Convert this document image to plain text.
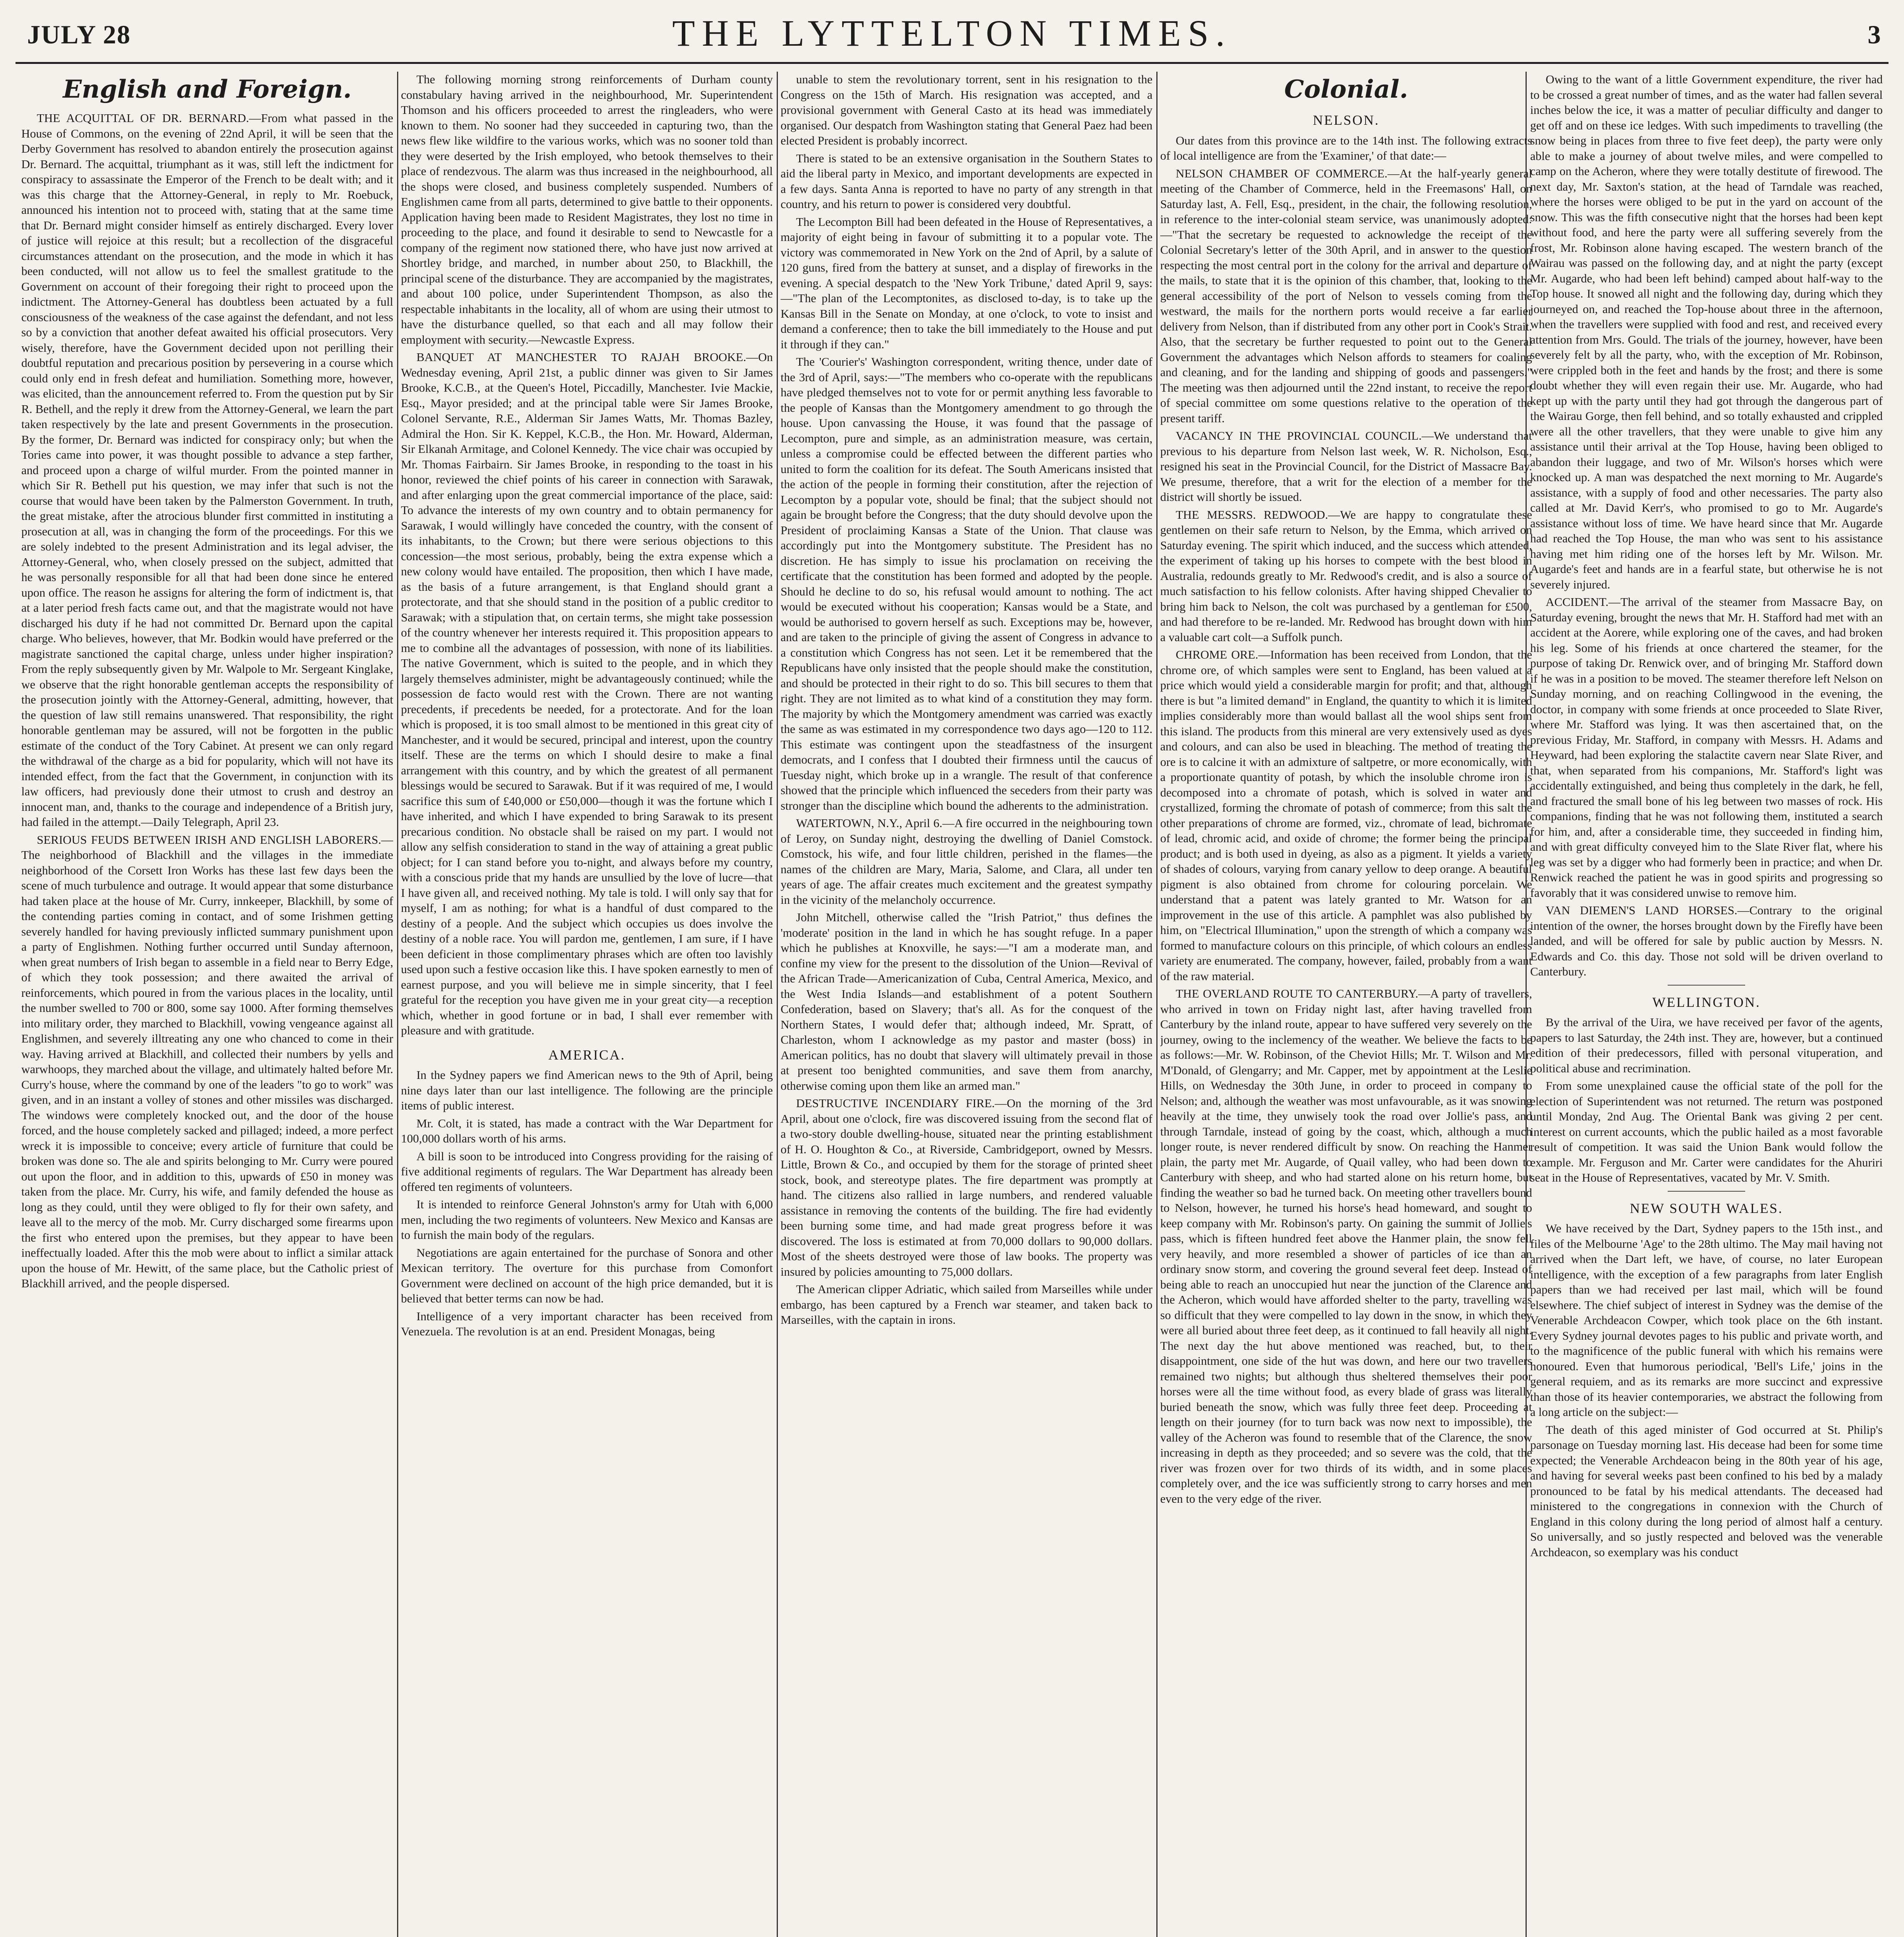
JULY 28	THE LYTTELTON TIMES.	3
English and Foreign.

THE ACQUITTAL OF DR. BERNARD.—From what passed in the House of Commons, on the evening of 22nd April, it will be seen that the Derby Government has resolved to abandon entirely the prosecution against Dr. Bernard. The acquittal, triumphant as it was, still left the indictment for conspiracy to assassinate the Emperor of the French to be dealt with; and it was this charge that the Attorney-General, in reply to Mr. Roebuck, announced his intention not to proceed with, stating that at the same time that Dr. Bernard might consider himself as entirely discharged. Every lover of justice will rejoice at this result; but a recollection of the disgraceful circumstances attendant on the prosecution, and the mode in which it has been conducted, will not allow us to feel the smallest gratitude to the Government on account of their foregoing their right to proceed upon the indictment. The Attorney-General has doubtless been actuated by a full consciousness of the weakness of the case against the defendant, and not less so by a conviction that another defeat awaited his official prosecutors. Very wisely, therefore, have the Government decided upon not perilling their doubtful reputation and precarious position by persevering in a course which could only end in fresh defeat and humiliation. Something more, however, was elicited, than the announcement referred to. From the question put by Sir R. Bethell, and the reply it drew from the Attorney-General, we learn the part taken respectively by the late and present Governments in the prosecution. By the former, Dr. Bernard was indicted for conspiracy only; but when the Tories came into power, it was thought possible to advance a step farther, and proceed upon a charge of wilful murder. From the pointed manner in which Sir R. Bethell put his question, we may infer that such is not the course that would have been taken by the Palmerston Government. In truth, the great mistake, after the atrocious blunder first committed in instituting a prosecution at all, was in changing the form of the proceedings. For this we are solely indebted to the present Administration and its legal adviser, the Attorney-General, who, when closely pressed on the subject, admitted that he was personally responsible for all that had been done since he entered upon office. The reason he assigns for altering the form of indictment is, that at a later period fresh facts came out, and that the magistrate would not have discharged his duty if he had not committed Dr. Bernard upon the capital charge. Who believes, however, that Mr. Bodkin would have preferred or the magistrate sanctioned the capital charge, unless under higher inspiration? From the reply subsequently given by Mr. Walpole to Mr. Sergeant Kinglake, we observe that the right honorable gentleman accepts the responsibility of the prosecution jointly with the Attorney-General, admitting, however, that the question of law still remains unanswered. That responsibility, the right honorable gentleman may be assured, will not be forgotten in the public estimate of the conduct of the Tory Cabinet. At present we can only regard the withdrawal of the charge as a bid for popularity, which will not have its intended effect, from the fact that the Government, in conjunction with its law officers, had previously done their utmost to crush and destroy an innocent man, and, thanks to the courage and independence of a British jury, had failed in the attempt.—Daily Telegraph, April 23.

SERIOUS FEUDS BETWEEN IRISH AND ENGLISH LABORERS.—The neighborhood of Blackhill and the villages in the immediate neighborhood of the Corsett Iron Works has these last few days been the scene of much turbulence and outrage. It would appear that some disturbance had taken place at the house of Mr. Curry, innkeeper, Blackhill, by some of the contending parties coming in contact, and of some Irishmen getting severely handled for having previously inflicted summary punishment upon a party of Englishmen. Nothing further occurred until Sunday afternoon, when great numbers of Irish began to assemble in a field near to Berry Edge, of which they took possession; and there awaited the arrival of reinforcements, which poured in from the various places in the locality, until the number swelled to 700 or 800, some say 1000. After forming themselves into military order, they marched to Blackhill, vowing vengeance against all Englishmen, and severely illtreating any one who chanced to come in their way. Having arrived at Blackhill, and collected their numbers by yells and warwhoops, they marched about the village, and ultimately halted before Mr. Curry's house, where the command by one of the leaders "to go to work" was given, and in an instant a volley of stones and other missiles was discharged. The windows were completely knocked out, and the door of the house forced, and the house completely sacked and pillaged; indeed, a more perfect wreck it is impossible to conceive; every article of furniture that could be broken was done so. The ale and spirits belonging to Mr. Curry were poured out upon the floor, and in addition to this, upwards of £50 in money was taken from the place. Mr. Curry, his wife, and family defended the house as long as they could, until they were obliged to fly for their own safety, and leave all to the mercy of the mob. Mr. Curry discharged some firearms upon the first who entered upon the premises, but they appear to have been ineffectually loaded. After this the mob were about to inflict a similar attack upon the house of Mr. Hewitt, of the same place, but the Catholic priest of Blackhill arrived, and the people dispersed.

The following morning strong reinforcements of Durham county constabulary having arrived in the neighbourhood, Mr. Superintendent Thomson and his officers proceeded to arrest the ringleaders, who were known to them. No sooner had they succeeded in capturing two, than the news flew like wildfire to the various works, which was no sooner told than they were deserted by the Irish employed, who betook themselves to their place of rendezvous. The alarm was thus increased in the neighbourhood, all the shops were closed, and business completely suspended. Numbers of Englishmen came from all parts, determined to give battle to their opponents. Application having been made to Resident Magistrates, they lost no time in proceeding to the place, and found it desirable to send to Newcastle for a company of the regiment now stationed there, who have just now arrived at Shortley bridge, and marched, in number about 250, to Blackhill, the principal scene of the disturbance. They are accompanied by the magistrates, and about 100 police, under Superintendent Thompson, as also the respectable inhabitants in the locality, all of whom are using their utmost to have the disturbance quelled, so that each and all may follow their employment with security.—Newcastle Express.

BANQUET AT MANCHESTER TO RAJAH BROOKE.—On Wednesday evening, April 21st, a public dinner was given to Sir James Brooke, K.C.B., at the Queen's Hotel, Piccadilly, Manchester. Ivie Mackie, Esq., Mayor presided; and at the principal table were Sir James Brooke, Colonel Servante, R.E., Alderman Sir James Watts, Mr. Thomas Bazley, Admiral the Hon. Sir K. Keppel, K.C.B., the Hon. Mr. Howard, Alderman, Sir Elkanah Armitage, and Colonel Kennedy. The vice chair was occupied by Mr. Thomas Fairbairn. Sir James Brooke, in responding to the toast in his honor, reviewed the chief points of his career in connection with Sarawak, and after enlarging upon the great commercial importance of the place, said: To advance the interests of my own country and to obtain permanency for Sarawak, I would willingly have conceded the country, with the consent of its inhabitants, to the Crown; but there were serious objections to this concession—the most serious, probably, being the extra expense which a new colony would have entailed. The proposition, then which I have made, as the basis of a future arrangement, is that England should grant a protectorate, and that she should stand in the position of a public creditor to Sarawak; with a stipulation that, on certain terms, she might take possession of the country whenever her interests required it. This proposition appears to me to combine all the advantages of possession, with none of its liabilities. The native Government, which is suited to the people, and in which they largely themselves administer, might be advantageously continued; while the possession de facto would rest with the Crown. There are not wanting precedents, if precedents be needed, for a protectorate. And for the loan which is proposed, it is too small almost to be mentioned in this great city of Manchester, and it would be secured, principal and interest, upon the country itself. These are the terms on which I should desire to make a final arrangement with this country, and by which the greatest of all permanent blessings would be secured to Sarawak. But if it was required of me, I would sacrifice this sum of £40,000 or £50,000—though it was the fortune which I have inherited, and which I have expended to bring Sarawak to its present precarious condition. No obstacle shall be raised on my part. I would not allow any selfish consideration to stand in the way of attaining a great public object; for I can stand before you to-night, and always before my country, with a conscious pride that my hands are unsullied by the love of lucre—that I have given all, and received nothing. My tale is told. I will only say that for myself, I am as nothing; for what is a handful of dust compared to the destiny of a people. And the subject which occupies us does involve the destiny of a noble race. You will pardon me, gentlemen, I am sure, if I have been deficient in those complimentary phrases which are often too lavishly used upon such a festive occasion like this. I have spoken earnestly to men of earnest purpose, and you will believe me in simple sincerity, that I feel grateful for the reception you have given me in your great city—a reception which, whether in good fortune or in bad, I shall ever remember with pleasure and with gratitude.

AMERICA.

In the Sydney papers we find American news to the 9th of April, being nine days later than our last intelligence. The following are the principle items of public interest.

Mr. Colt, it is stated, has made a contract with the War Department for 100,000 dollars worth of his arms.

A bill is soon to be introduced into Congress providing for the raising of five additional regiments of regulars. The War Department has already been offered ten regiments of volunteers.

It is intended to reinforce General Johnston's army for Utah with 6,000 men, including the two regiments of volunteers. New Mexico and Kansas are to furnish the main body of the regulars.

Negotiations are again entertained for the purchase of Sonora and other Mexican territory. The overture for this purchase from Comonfort Government were declined on account of the high price demanded, but it is believed that better terms can now be had.

Intelligence of a very important character has been received from Venezuela. The revolution is at an end. President Monagas, being

unable to stem the revolutionary torrent, sent in his resignation to the Congress on the 15th of March. His resignation was accepted, and a provisional government with General Casto at its head was immediately organised. Our despatch from Washington stating that General Paez had been elected President is probably incorrect.

There is stated to be an extensive organisation in the Southern States to aid the liberal party in Mexico, and important developments are expected in a few days. Santa Anna is reported to have no party of any strength in that country, and his return to power is considered very doubtful.

The Lecompton Bill had been defeated in the House of Representatives, a majority of eight being in favour of submitting it to a popular vote. The victory was commemorated in New York on the 2nd of April, by a salute of 120 guns, fired from the battery at sunset, and a display of fireworks in the evening. A special despatch to the 'New York Tribune,' dated April 9, says:—"The plan of the Lecomptonites, as disclosed to-day, is to take up the Kansas Bill in the Senate on Monday, at one o'clock, to vote to insist and demand a conference; then to take the bill immediately to the House and put it through if they can."

The 'Courier's' Washington correspondent, writing thence, under date of the 3rd of April, says:—"The members who co-operate with the republicans have pledged themselves not to vote for or permit anything less favorable to the people of Kansas than the Montgomery amendment to go through the house. Upon canvassing the House, it was found that the passage of Lecompton, pure and simple, as an administration measure, was certain, unless a compromise could be effected between the different parties who united to form the coalition for its defeat. The South Americans insisted that the action of the people in forming their constitution, after the rejection of Lecompton by a popular vote, should be final; that the subject should not again be brought before the Congress; that the duty should devolve upon the President of proclaiming Kansas a State of the Union. That clause was accordingly put into the Montgomery substitute. The President has no discretion. He has simply to issue his proclamation on receiving the certificate that the constitution has been formed and adopted by the people. Should he decline to do so, his refusal would amount to nothing. The act would be executed without his cooperation; Kansas would be a State, and would be authorised to govern herself as such. Exceptions may be, however, and are taken to the principle of giving the assent of Congress in advance to a constitution which Congress has not seen. Let it be remembered that the Republicans have only insisted that the people should make the constitution, and should be protected in their right to do so. This bill secures to them that right. They are not limited as to what kind of a constitution they may form. The majority by which the Montgomery amendment was carried was exactly the same as was estimated in my correspondence two days ago—120 to 112. This estimate was contingent upon the steadfastness of the insurgent democrats, and I confess that I doubted their firmness until the caucus of Tuesday night, which broke up in a wrangle. The result of that conference showed that the principle which influenced the seceders from their party was stronger than the discipline which bound the adherents to the administration.

WATERTOWN, N.Y., April 6.—A fire occurred in the neighbouring town of Leroy, on Sunday night, destroying the dwelling of Daniel Comstock. Comstock, his wife, and four little children, perished in the flames—the names of the children are Mary, Maria, Salome, and Clara, all under ten years of age. The affair creates much excitement and the greatest sympathy in the vicinity of the melancholy occurrence.

John Mitchell, otherwise called the "Irish Patriot," thus defines the 'moderate' position in the land in which he has sought refuge. In a paper which he publishes at Knoxville, he says:—"I am a moderate man, and confine my view for the present to the dissolution of the Union—Revival of the African Trade—Americanization of Cuba, Central America, Mexico, and the West India Islands—and establishment of a potent Southern Confederation, based on Slavery; that's all. As for the conquest of the Northern States, I would defer that; although indeed, Mr. Spratt, of Charleston, whom I acknowledge as my pastor and master (boss) in American politics, has no doubt that slavery will ultimately prevail in those at present too benighted communities, and save them from anarchy, otherwise coming upon them like an armed man."

DESTRUCTIVE INCENDIARY FIRE.—On the morning of the 3rd April, about one o'clock, fire was discovered issuing from the second flat of a two-story double dwelling-house, situated near the printing establishment of H. O. Houghton & Co., at Riverside, Cambridgeport, owned by Messrs. Little, Brown & Co., and occupied by them for the storage of printed sheet stock, book, and stereotype plates. The fire department was promptly at hand. The citizens also rallied in large numbers, and rendered valuable assistance in removing the contents of the building. The fire had evidently been burning some time, and had made great progress before it was discovered. The loss is estimated at from 70,000 dollars to 90,000 dollars. Most of the sheets destroyed were those of law books. The property was insured by policies amounting to 75,000 dollars.

The American clipper Adriatic, which sailed from Marseilles while under embargo, has been captured by a French war steamer, and taken back to Marseilles, with the captain in irons.

Colonial.
NELSON.

Our dates from this province are to the 14th inst. The following extracts of local intelligence are from the 'Examiner,' of that date:—

NELSON CHAMBER OF COMMERCE.—At the half-yearly general meeting of the Chamber of Commerce, held in the Freemasons' Hall, on Saturday last, A. Fell, Esq., president, in the chair, the following resolution, in reference to the inter-colonial steam service, was unanimously adopted:—"That the secretary be requested to acknowledge the receipt of the Colonial Secretary's letter of the 30th April, and in answer to the question respecting the most central port in the colony for the arrival and departure of the mails, to state that it is the opinion of this chamber, that, looking to the general accessibility of the port of Nelson to vessels coming from the westward, the mails for the northern ports would receive a far earlier delivery from Nelson, than if distributed from any other port in Cook's Strait. Also, that the secretary be further requested to point out to the General Government the advantages which Nelson affords to steamers for coaling and cleaning, and for the landing and shipping of goods and passengers." The meeting was then adjourned until the 22nd instant, to receive the report of special committee om some questions relative to the operation of the present tariff.

VACANCY IN THE PROVINCIAL COUNCIL.—We understand that previous to his departure from Nelson last week, W. R. Nicholson, Esq., resigned his seat in the Provincial Council, for the District of Massacre Bay. We presume, therefore, that a writ for the election of a member for the district will shortly be issued.

THE MESSRS. REDWOOD.—We are happy to congratulate these gentlemen on their safe return to Nelson, by the Emma, which arrived on Saturday evening. The spirit which induced, and the success which attended, the experiment of taking up his horses to compete with the best blood in Australia, redounds greatly to Mr. Redwood's credit, and is also a source of much satisfaction to his fellow colonists. After having shipped Chevalier to bring him back to Nelson, the colt was purchased by a gentleman for £500, and had therefore to be re-landed. Mr. Redwood has brought down with him a valuable cart colt—a Suffolk punch.

CHROME ORE.—Information has been received from London, that the chrome ore, of which samples were sent to England, has been valued at a price which would yield a considerable margin for profit; and that, although there is but "a limited demand" in England, the quantity to which it is limited implies considerably more than would ballast all the wool ships sent from this island. The products from this mineral are very extensively used as dyes and colours, and can also be used in bleaching. The method of treating the ore is to calcine it with an admixture of saltpetre, or more economically, with a proportionate quantity of potash, by which the insoluble chrome iron is decomposed into a chromate of potash, which is solved in water and crystallized, forming the chromate of potash of commerce; from this salt the other preparations of chrome are formed, viz., chromate of lead, bichromate of lead, chromic acid, and oxide of chrome; the former being the principal product; and is both used in dyeing, as also as a pigment. It yields a variety of shades of colours, varying from canary yellow to deep orange. A beautiful pigment is also obtained from chrome for colouring porcelain. We understand that a patent was lately granted to Mr. Watson for an improvement in the use of this article. A pamphlet was also published by him, on "Electrical Illumination," upon the strength of which a company was formed to manufacture colours on this principle, of which colours an endless variety are enumerated. The company, however, failed, probably from a want of the raw material.

THE OVERLAND ROUTE TO CANTERBURY.—A party of travellers, who arrived in town on Friday night last, after having travelled from Canterbury by the inland route, appear to have suffered very severely on the journey, owing to the inclemency of the weather. We believe the facts to be as follows:—Mr. W. Robinson, of the Cheviot Hills; Mr. T. Wilson and Mr. M'Donald, of Glengarry; and Mr. Capper, met by appointment at the Leslie Hills, on Wednesday the 30th June, in order to proceed in company to Nelson; and, although the weather was most unfavourable, as it was snowing heavily at the time, they unwisely took the road over Jollie's pass, and through Tarndale, instead of going by the coast, which, although a much longer route, is never rendered difficult by snow. On reaching the Hanmer plain, the party met Mr. Augarde, of Quail valley, who had been down to Canterbury with sheep, and who had started alone on his return home, but finding the weather so bad he turned back. On meeting other travellers bound to Nelson, however, he turned his horse's head homeward, and sought to keep company with Mr. Robinson's party. On gaining the summit of Jollie's pass, which is fifteen hundred feet above the Hanmer plain, the snow fell very heavily, and more resembled a shower of particles of ice than an ordinary snow storm, and covering the ground several feet deep. Instead of being able to reach an unoccupied hut near the junction of the Clarence and the Acheron, which would have afforded shelter to the party, travelling was so difficult that they were compelled to lay down in the snow, in which they were all buried about three feet deep, as it continued to fall heavily all night. The next day the hut above mentioned was reached, but, to their disappointment, one side of the hut was down, and here our two travellers remained two nights; but although thus sheltered themselves their poor horses were all the time without food, as every blade of grass was literally buried beneath the snow, which was fully three feet deep. Proceeding at length on their journey (for to turn back was now next to impossible), the valley of the Acheron was found to resemble that of the Clarence, the snow increasing in depth as they proceeded; and so severe was the cold, that the river was frozen over for two thirds of its width, and in some places completely over, and the ice was sufficiently strong to carry horses and men even to the very edge of the river.

Owing to the want of a little Government expenditure, the river had to be crossed a great number of times, and as the water had fallen several inches below the ice, it was a matter of peculiar difficulty and danger to get off and on these ice ledges. With such impediments to travelling (the snow being in places from three to five feet deep), the party were only able to make a journey of about twelve miles, and were compelled to camp on the Acheron, where they were totally destitute of firewood. The next day, Mr. Saxton's station, at the head of Tarndale was reached, where the horses were obliged to be put in the yard on account of the snow. This was the fifth consecutive night that the horses had been kept without food, and here the party were all suffering severely from the frost, Mr. Robinson alone having escaped. The western branch of the Wairau was passed on the following day, and at night the party (except Mr. Augarde, who had been left behind) camped about half-way to the Top house. It snowed all night and the following day, during which they journeyed on, and reached the Top-house about three in the afternoon, when the travellers were supplied with food and rest, and received every attention from Mrs. Gould. The trials of the journey, however, have been severely felt by all the party, who, with the exception of Mr. Robinson, were crippled both in the feet and hands by the frost; and there is some doubt whether they will even regain their use. Mr. Augarde, who had kept up with the party until they had got through the dangerous part of the Wairau Gorge, then fell behind, and so totally exhausted and crippled were all the other travellers, that they were unable to give him any assistance until their arrival at the Top House, having been obliged to abandon their luggage, and two of Mr. Wilson's horses which were knocked up. A man was despatched the next morning to Mr. Augarde's assistance, with a supply of food and other necessaries. The party also called at Mr. David Kerr's, who promised to go to Mr. Augarde's assistance without loss of time. We have heard since that Mr. Augarde had reached the Top House, the man who was sent to his assistance having met him riding one of the horses left by Mr. Wilson. Mr. Augarde's feet and hands are in a fearful state, but otherwise he is not severely injured.

ACCIDENT.—The arrival of the steamer from Massacre Bay, on Saturday evening, brought the news that Mr. H. Stafford had met with an accident at the Aorere, while exploring one of the caves, and had broken his leg. Some of his friends at once chartered the steamer, for the purpose of taking Dr. Renwick over, and of bringing Mr. Stafford down if he was in a position to be moved. The steamer therefore left Nelson on Sunday morning, and on reaching Collingwood in the evening, the doctor, in company with some friends at once proceeded to Slate River, where Mr. Stafford was lying. It was then ascertained that, on the previous Friday, Mr. Stafford, in company with Messrs. H. Adams and Heyward, had been exploring the stalactite cavern near Slate River, and that, when separated from his companions, Mr. Stafford's light was accidentally extinguished, and being thus completely in the dark, he fell, and fractured the small bone of his leg between two masses of rock. His companions, finding that he was not following them, instituted a search for him, and, after a considerable time, they succeeded in finding him, and with great difficulty conveyed him to the Slate River flat, where his leg was set by a digger who had formerly been in practice; and when Dr. Renwick reached the patient he was in good spirits and progressing so favorably that it was considered unwise to remove him.

VAN DIEMEN'S LAND HORSES.—Contrary to the original intention of the owner, the horses brought down by the Firefly have been landed, and will be offered for sale by public auction by Messrs. N. Edwards and Co. this day. Those not sold will be driven overland to Canterbury.

WELLINGTON.

By the arrival of the Uira, we have received per favor of the agents, papers to last Saturday, the 24th inst. They are, however, but a continued edition of their predecessors, filled with personal vituperation, and political abuse and recrimination.

From some unexplained cause the official state of the poll for the election of Superintendent was not returned. The return was postponed until Monday, 2nd Aug. The Oriental Bank was giving 2 per cent. interest on current accounts, which the public hailed as a most favorable result of competition. It was said the Union Bank would follow the example. Mr. Ferguson and Mr. Carter were candidates for the Ahuriri seat in the House of Representatives, vacated by Mr. V. Smith.

NEW SOUTH WALES.

We have received by the Dart, Sydney papers to the 15th inst., and files of the Melbourne 'Age' to the 28th ultimo. The May mail having not arrived when the Dart left, we have, of course, no later European intelligence, with the exception of a few paragraphs from later English papers than we had received per last mail, which will be found elsewhere. The chief subject of interest in Sydney was the demise of the Venerable Archdeacon Cowper, which took place on the 6th instant. Every Sydney journal devotes pages to his public and private worth, and to the magnificence of the public funeral with which his remains were honoured. Even that humorous periodical, 'Bell's Life,' joins in the general requiem, and as its remarks are more succinct and expressive than those of its heavier contemporaries, we abstract the following from a long article on the subject:—

The death of this aged minister of God occurred at St. Philip's parsonage on Tuesday morning last. His decease had been for some time expected; the Venerable Archdeacon being in the 80th year of his age, and having for several weeks past been confined to his bed by a malady pronounced to be fatal by his medical attendants. The deceased had ministered to the congregations in connexion with the Church of England in this colony during the long period of almost half a century. So universally, and so justly respected and beloved was the venerable Archdeacon, so exemplary was his conduct
